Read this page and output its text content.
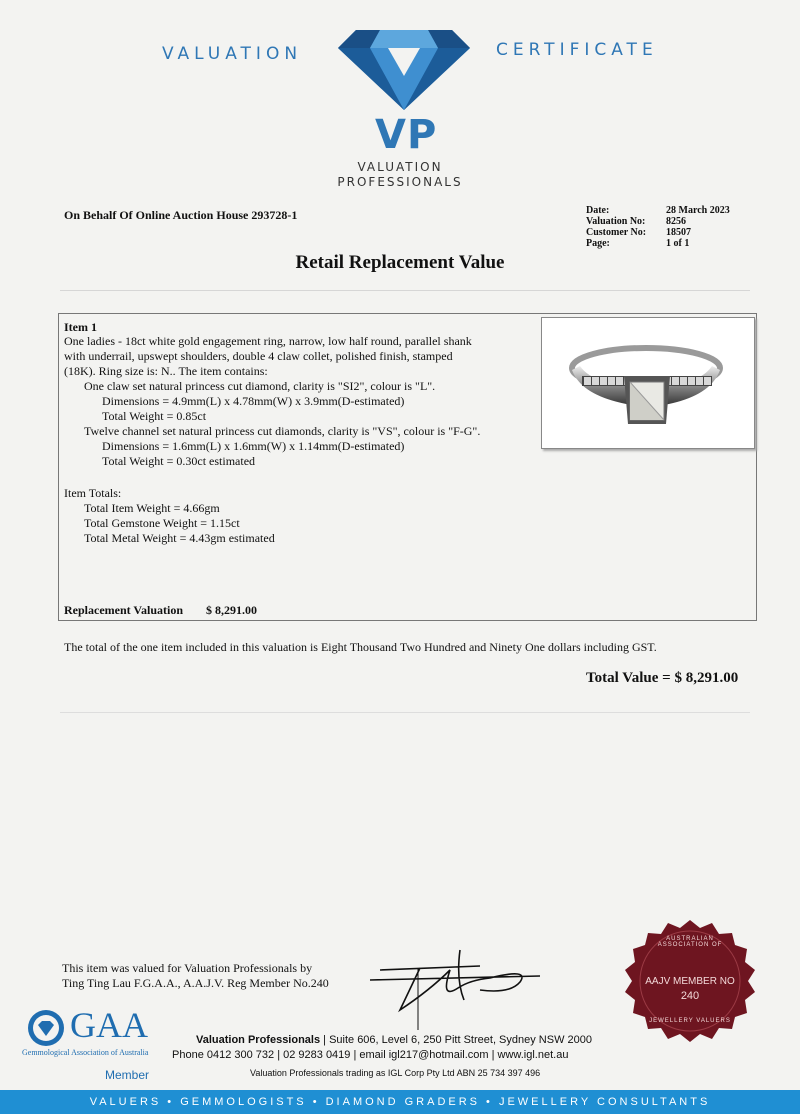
VALUATION	CERTIFICATE
VP
VALUATION
PROFESSIONALS
On Behalf Of Online Auction House 293728-1	Date:	28 March 2023
Valuation No:	8256
Customer No:	18507
Page:	1 of 1
Retail Replacement Value
Item 1
One ladies - 18ct white gold engagement ring, narrow, low half round, parallel shank
with underrail, upswept shoulders, double 4 claw collet, polished finish, stamped
(18K). Ring size is: N.. The item contains:
One claw set natural princess cut diamond, clarity is "SI2", colour is "L".
Dimensions = 4.9mm(L) x 4.78mm(W) x 3.9mm(D-estimated)
Total Weight = 0.85ct
Twelve channel set natural princess cut diamonds, clarity is "VS", colour is "F-G".
Dimensions = 1.6mm(L) x 1.6mm(W) x 1.14mm(D-estimated)
Total Weight = 0.30ct estimated
Item Totals:
Total Item Weight = 4.66gm
Total Gemstone Weight = 1.15ct
Total Metal Weight = 4.43gm estimated
Replacement Valuation $ 8,291.00
The total of the one item included in this valuation is Eight Thousand Two Hundred and Ninety One dollars including GST.
Total Value = $ 8,291.00
This item was valued for Valuation Professionals by
Ting Ting Lau F.G.A.A., A.A.J.V. Reg Member No.240
AUSTRALIAN ASSOCIATION OF
AAJV MEMBER NO
240
JEWELLERY VALUERS
GAA
Gemmological Association of Australia
Member
Valuation Professionals | Suite 606, Level 6, 250 Pitt Street, Sydney NSW 2000
Phone 0412 300 732 | 02 9283 0419 | email igl217@hotmail.com | www.igl.net.au
Valuation Professionals trading as IGL Corp Pty Ltd ABN 25 734 397 496
VALUERS • GEMMOLOGISTS • DIAMOND GRADERS • JEWELLERY CONSULTANTS
